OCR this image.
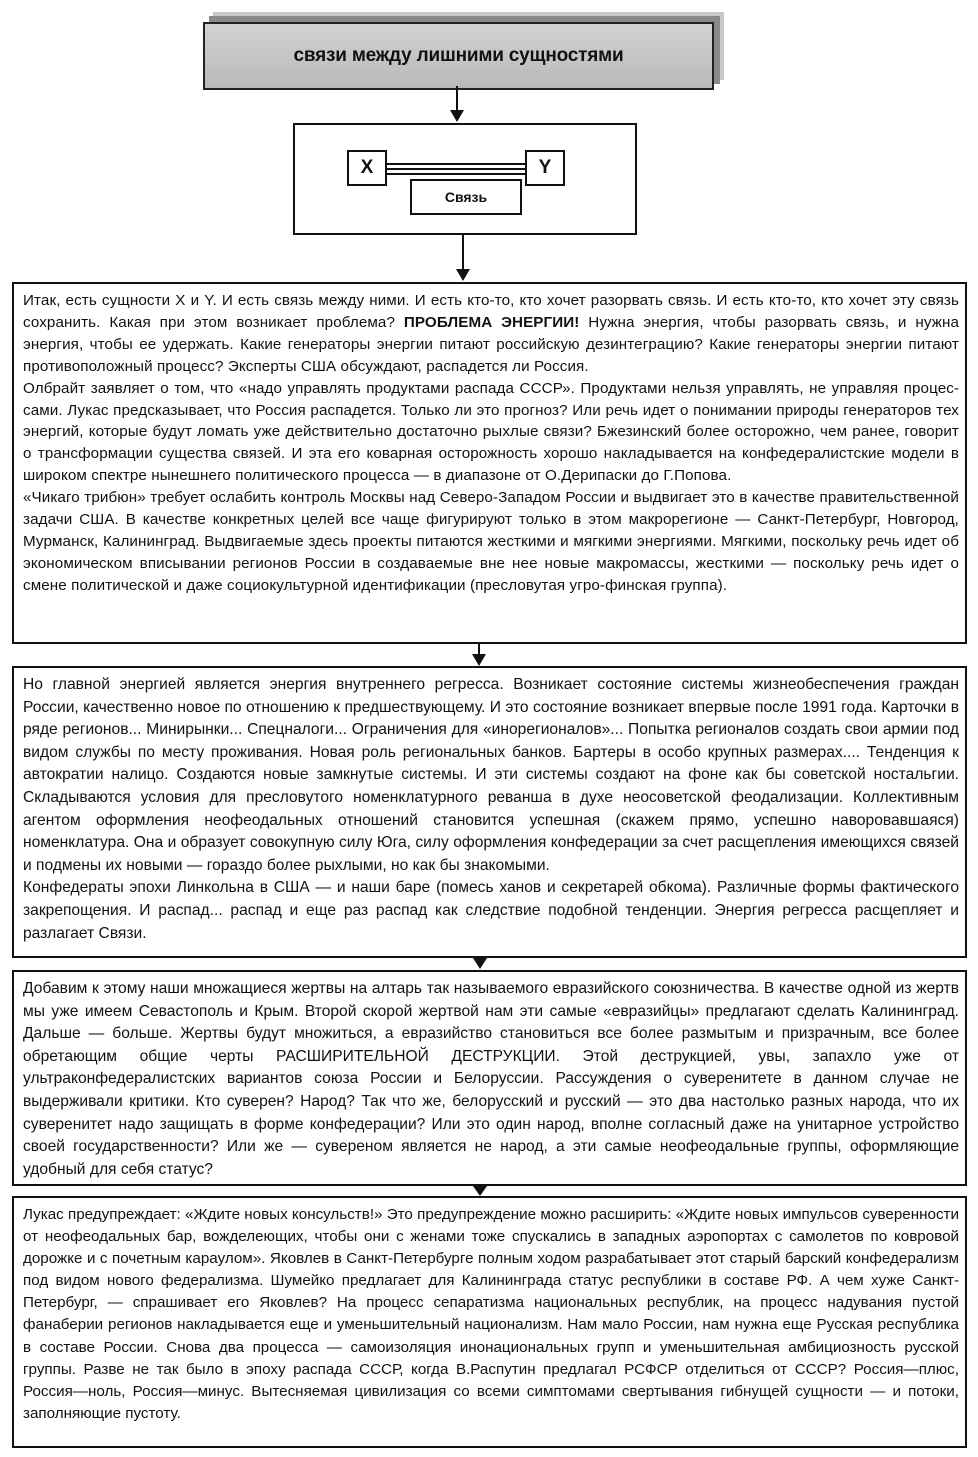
связи между лишними сущностями
X	Y
Связь

Итак, есть сущности X и Y. И есть связь между ними. И есть кто-то, кто хочет разорвать связь. И есть кто-то, кто хочет эту связь сохранить. Какая при этом возникает проблема? ПРОБЛЕМА ЭНЕРГИИ! Нужна энергия, чтобы разорвать связь, и нужна энергия, чтобы ее удержать. Какие генераторы энергии питают российскую дезинтеграцию? Какие генераторы энергии питают противоположный процесс? Эксперты США обсуждают, распадется ли Россия.

Олбрайт заявляет о том, что «надо управлять продуктами распада СССР». Продуктами нельзя управлять, не управляя процессами. Лукас предсказывает, что Россия распадется. Только ли это прогноз? Или речь идет о понимании природы генераторов тех энергий, которые будут ломать уже действительно достаточно рыхлые связи? Бжезинский более осторожно, чем ранее, говорит о трансформации существа связей. И эта его коварная осторожность хорошо накладывается на конфедералистские модели в широком спектре нынешнего политического процесса — в диапазоне от О.Дерипаски до Г.Попова.

«Чикаго трибюн» требует ослабить контроль Москвы над Северо-Западом России и выдвигает это в качестве правительственной задачи США. В качестве конкретных целей все чаще фигурируют только в этом макрорегионе — Санкт-Петербург, Новгород, Мурманск, Калининград. Выдвигаемые здесь проекты питаются жесткими и мягкими энергиями. Мягкими, поскольку речь идет об экономическом вписывании регионов России в создаваемые вне нее новые макромассы, жесткими — поскольку речь идет о смене политической и даже социокультурной идентификации (пресловутая угро-финская группа).

Но главной энергией является энергия внутреннего регресса. Возникает состояние системы жизнеобеспечения граждан России, качественно новое по отношению к предшествующему. И это состояние возникает впервые после 1991 года. Карточки в ряде регионов... Минирынки... Спецналоги... Ограничения для «инорегионалов»... Попытка регионалов создать свои армии под видом службы по месту проживания. Новая роль региональных банков. Бартеры в особо крупных размерах.... Тенденция к автократии налицо. Создаются новые замкнутые системы. И эти системы создают на фоне как бы советской ностальгии. Складываются условия для пресловутого номенклатурного реванша в духе неосоветской феодализации. Коллективным агентом оформления неофеодальных отношений становится успешная (скажем прямо, успешно наворовавшаяся) номенклатура. Она и образует совокупную силу Юга, силу оформления конфедерации за счет расщепления имеющихся связей и подмены их новыми — гораздо более рыхлыми, но как бы знакомыми.

Конфедераты эпохи Линкольна в США — и наши баре (помесь ханов и секретарей обкома). Различные формы фактического закрепощения. И распад... распад и еще раз распад как следствие подобной тенденции. Энергия регресса расщепляет и разлагает Связи.

Добавим к этому наши множащиеся жертвы на алтарь так называемого евразийского союзничества. В качестве одной из жертв мы уже имеем Севастополь и Крым. Второй скорой жертвой нам эти самые «евразийцы» предлагают сделать Калининград. Дальше — больше. Жертвы будут множиться, а евразийство становиться все более размытым и призрачным, все более обретающим общие черты РАСШИРИТЕЛЬНОЙ ДЕСТРУКЦИИ. Этой деструкцией, увы, запахло уже от ультраконфедералистских вариантов союза России и Белоруссии. Рассуждения о суверенитете в данном случае не выдерживали критики. Кто суверен? Народ? Так что же, белорусский и русский — это два настолько разных народа, что их суверенитет надо защищать в форме конфедерации? Или это один народ, вполне согласный даже на унитарное устройство своей государственности? Или же — сувереном является не народ, а эти самые неофеодальные группы, оформляющие удобный для себя статус?

Лукас предупреждает: «Ждите новых консульств!» Это предупреждение можно расширить: «Ждите новых импульсов суверенности от неофеодальных бар, вожделеющих, чтобы они с женами тоже спускались в западных аэропортах с самолетов по ковровой дорожке и с почетным караулом». Яковлев в Санкт-Петербурге полным ходом разрабатывает этот старый барский конфедерализм под видом нового федерализма. Шумейко предлагает для Калининграда статус республики в составе РФ. А чем хуже Санкт-Петербург, — спрашивает его Яковлев? На процесс сепаратизма национальных республик, на процесс надувания пустой фанаберии регионов накладывается еще и уменьшительный национализм. Нам мало России, нам нужна еще Русская республика в составе России. Снова два процесса — самоизоляция инонациональных групп и уменьшительная амбициозность русской группы. Разве не так было в эпоху распада СССР, когда В.Распутин предлагал РСФСР отделиться от СССР? Россия—плюс, Россия—ноль, Россия—минус. Вытесняемая цивилизация со всеми симптомами свертывания гибнущей сущности — и потоки, заполняющие пустоту.
